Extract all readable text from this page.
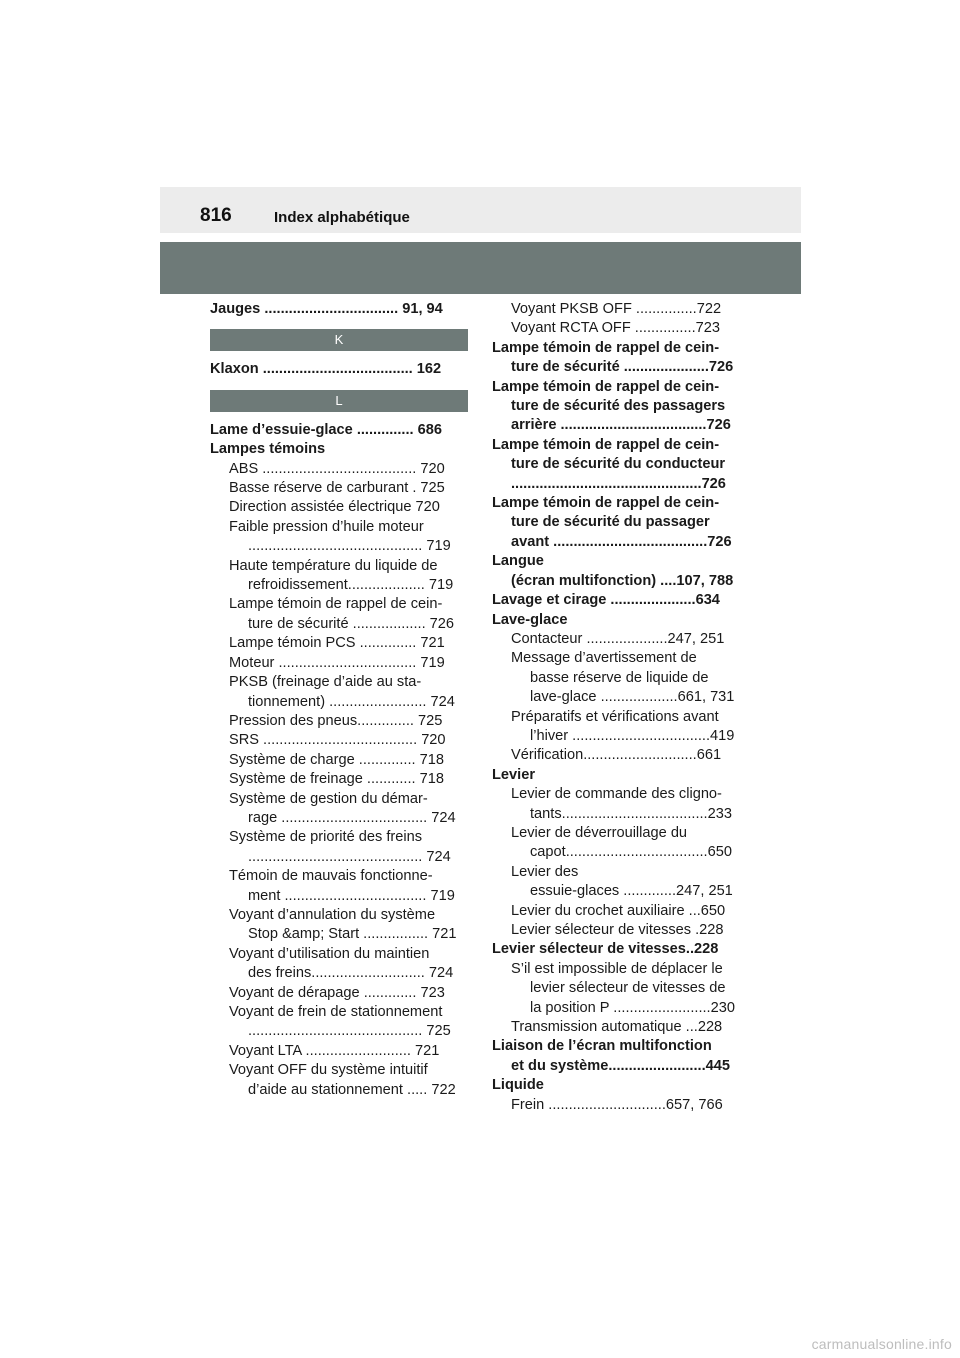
816	Index alphabétique
Jauges ................................. 91, 94
K
Klaxon ..................................... 162
L
Lame d’essuie-glace .............. 686
Lampes témoins
ABS ...................................... 720
Basse réserve de carburant . 725
Direction assistée électrique 720
Faible pression d’huile moteur
........................................... 719
Haute température du liquide de
refroidissement................... 719
Lampe témoin de rappel de cein-
ture de sécurité .................. 726
Lampe témoin PCS .............. 721
Moteur .................................. 719
PKSB (freinage d’aide au sta-
tionnement) ........................ 724
Pression des pneus.............. 725
SRS ...................................... 720
Système de charge .............. 718
Système de freinage ............ 718
Système de gestion du démar-
rage .................................... 724
Système de priorité des freins
........................................... 724
Témoin de mauvais fonctionne-
ment ................................... 719
Voyant d’annulation du système
Stop &amp; Start ................ 721
Voyant d’utilisation du maintien
des freins............................ 724
Voyant de dérapage ............. 723
Voyant de frein de stationnement
........................................... 725
Voyant LTA .......................... 721
Voyant OFF du système intuitif
d’aide au stationnement ..... 722
Voyant PKSB OFF ...............722
Voyant RCTA OFF ...............723
Lampe témoin de rappel de cein-
ture de sécurité .....................726
Lampe témoin de rappel de cein-
ture de sécurité des passagers
arrière ....................................726
Lampe témoin de rappel de cein-
ture de sécurité du conducteur
...............................................726
Lampe témoin de rappel de cein-
ture de sécurité du passager
avant ......................................726
Langue
(écran multifonction) ....107, 788
Lavage et cirage .....................634
Lave-glace
Contacteur ....................247, 251
Message d’avertissement de
basse réserve de liquide de
lave-glace ...................661, 731
Préparatifs et vérifications avant
l’hiver ..................................419
Vérification............................661
Levier
Levier de commande des cligno-
tants....................................233
Levier de déverrouillage du
capot...................................650
Levier des
essuie-glaces .............247, 251
Levier du crochet auxiliaire ...650
Levier sélecteur de vitesses .228
Levier sélecteur de vitesses..228
S’il est impossible de déplacer le
levier sélecteur de vitesses de
la position P ........................230
Transmission automatique ...228
Liaison de l’écran multifonction
et du système........................445
Liquide
Frein .............................657, 766
carmanualsonline.info
